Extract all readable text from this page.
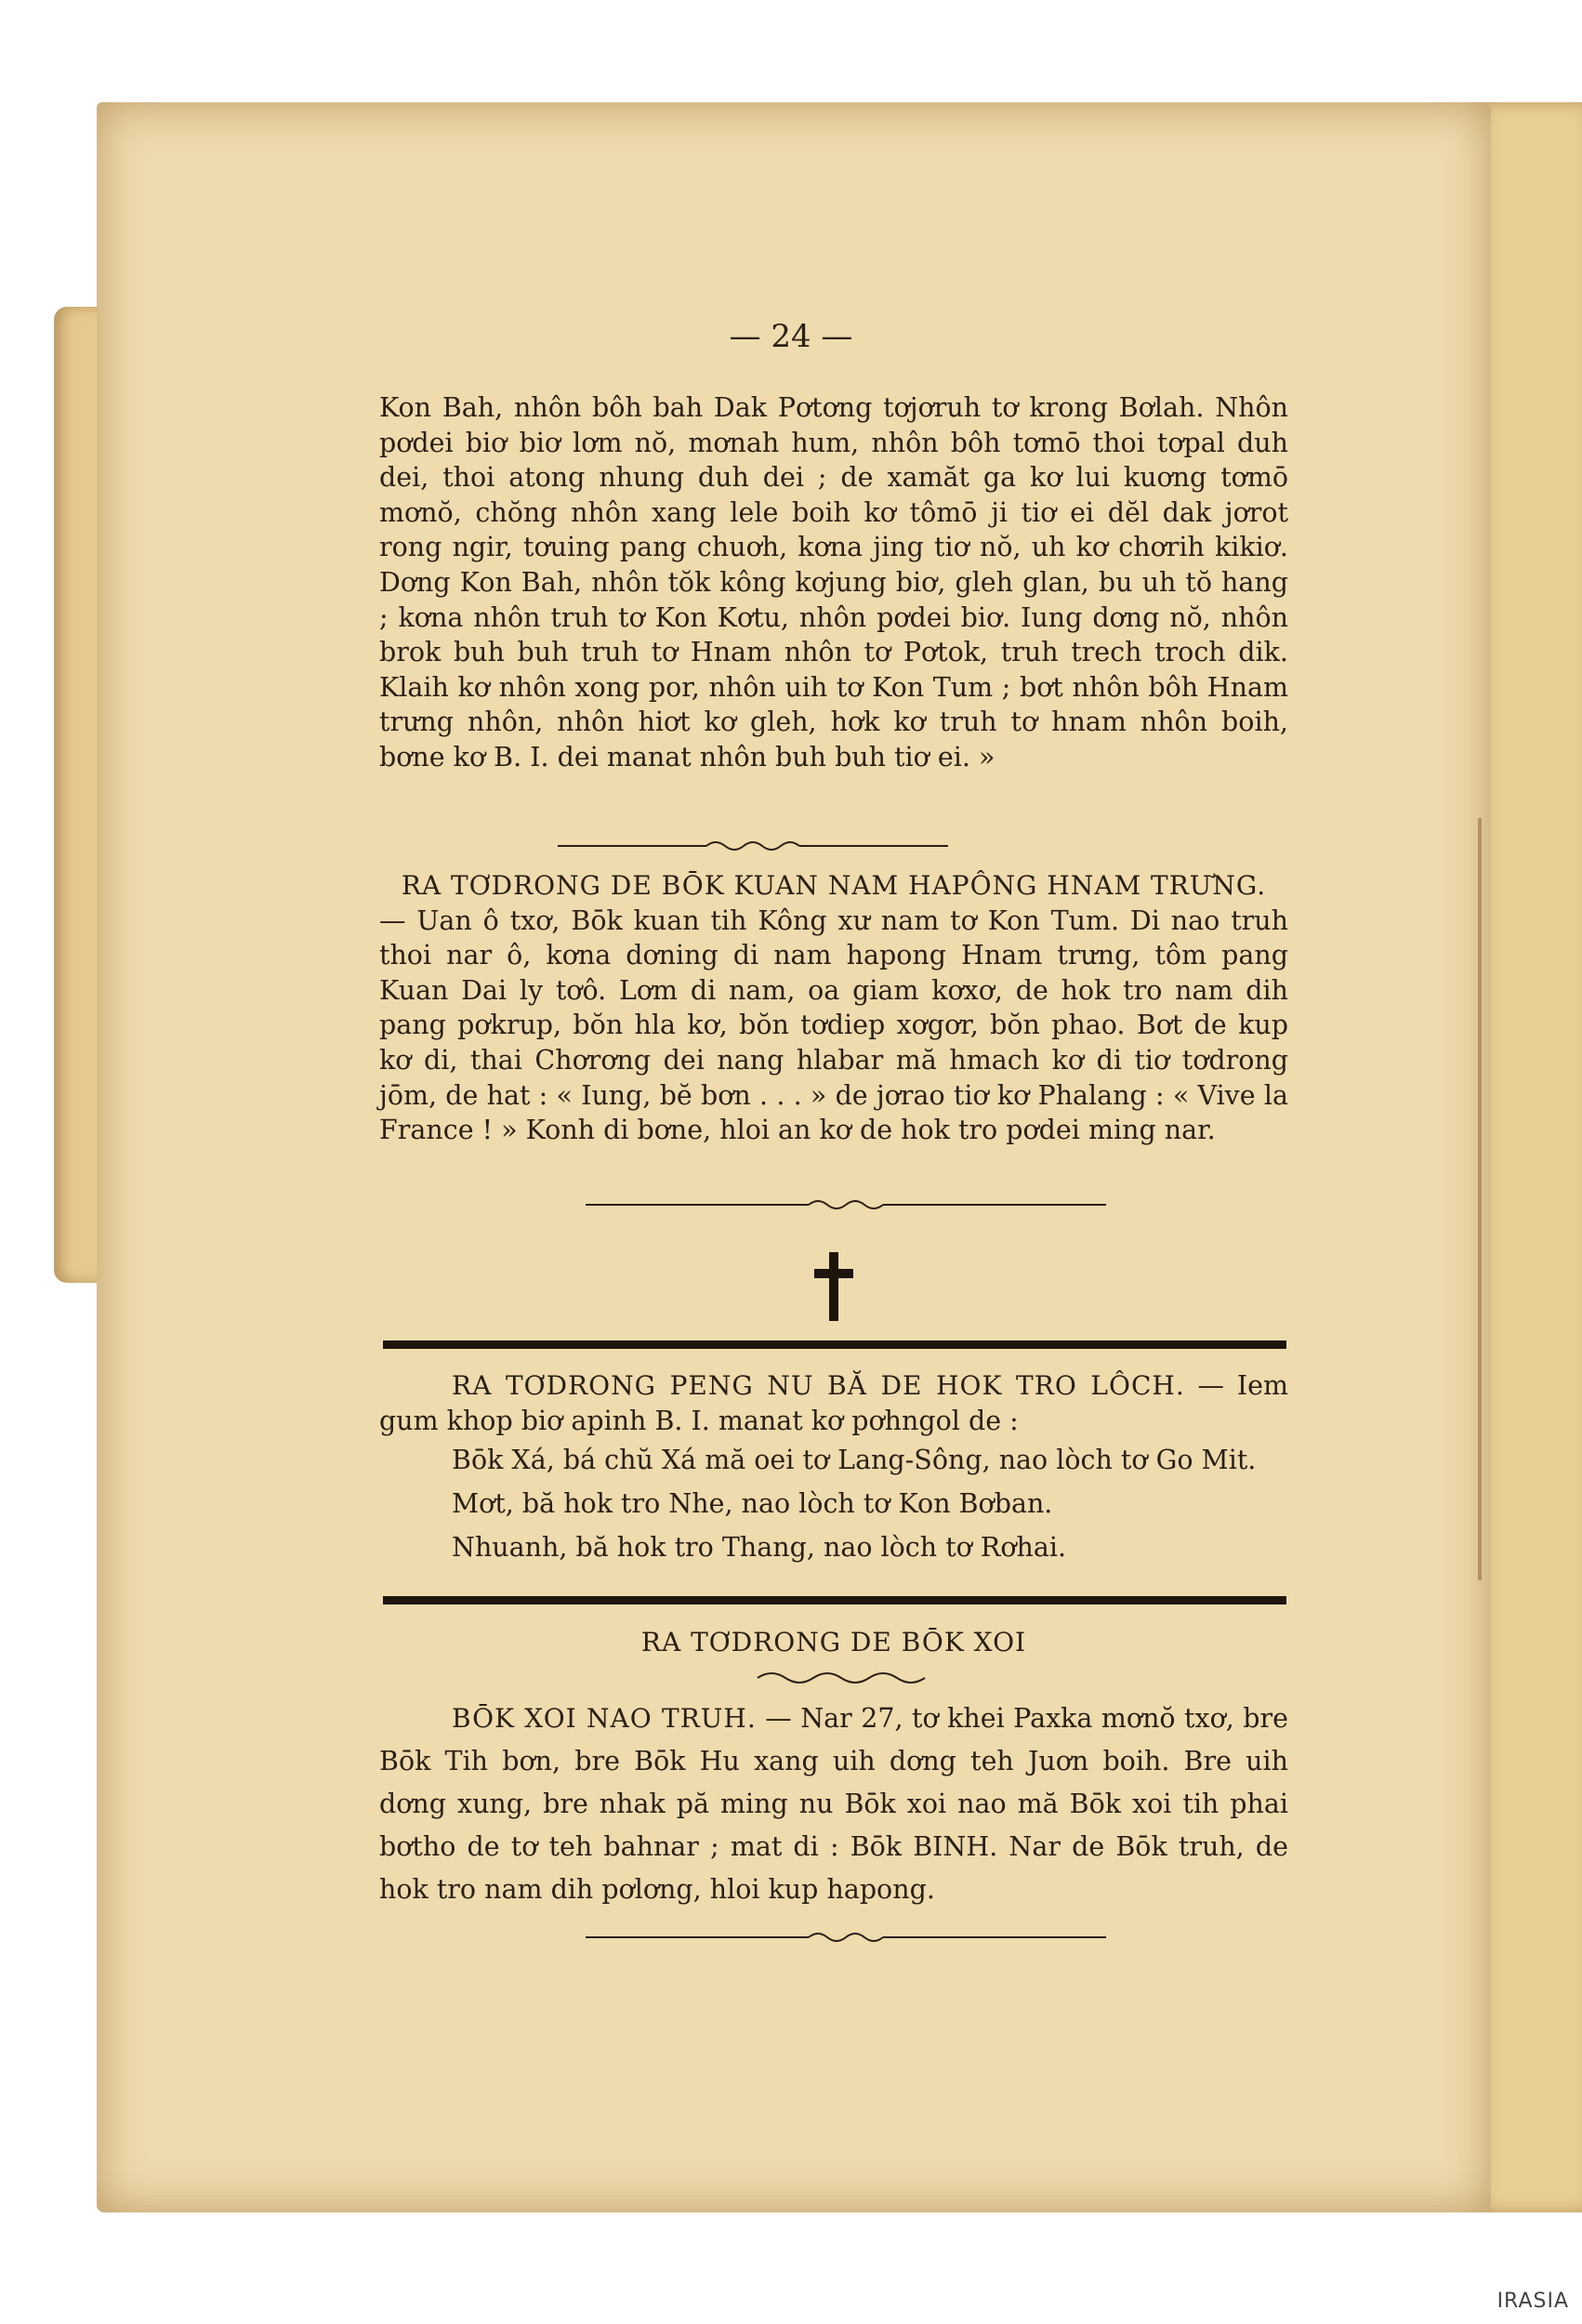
— 24 —

Kon Bah, nhôn bôh bah Dak Pơtơng tơjơruh tơ krong Bơlah. Nhôn pơdei biơ biơ lơm nŏ, mơnah hum, nhôn bôh tơmō thoi tơpal duh dei, thoi atong nhung duh dei ; de xamăt ga kơ lui kuơng tơmō mơnŏ, chŏng nhôn xang lele boih kơ tômō ji tiơ ei dĕl dak jơrot rong ngir, tơuing pang chuơh, kơna jing tiơ nŏ, uh kơ chơrih kikiơ. Dơng Kon Bah, nhôn tŏk kông kơjung biơ, gleh glan, bu uh tŏ hang ; kơna nhôn truh tơ Kon Kơtu, nhôn pơdei biơ. Iung dơng nŏ, nhôn brok buh buh truh tơ Hnam nhôn tơ Pơtok, truh trech troch dik. Klaih kơ nhôn xong por, nhôn uih tơ Kon Tum ; bơt nhôn bôh Hnam trưng nhôn, nhôn hiơt kơ gleh, hơk kơ truh tơ hnam nhôn boih, bơne kơ B. I. dei manat nhôn buh buh tiơ ei. »

RA TƠDRONG DE BŌK KUAN NAM HAPÔNG HNAM TRƯNG.

— Uan ô txơ, Bōk kuan tih Kông xư nam tơ Kon Tum. Di nao truh thoi nar ô, kơna dơning di nam hapong Hnam trưng, tôm pang Kuan Dai ly tơô. Lơm di nam, oa giam kơxơ, de hok tro nam dih pang pơkrup, bŏn hla kơ, bŏn tơdiep xơgơr, bŏn phao. Bơt de kup kơ di, thai Chơrơng dei nang hlabar mă hmach kơ di tiơ tơdrong jōm, de hat : « Iung, bĕ bơn . . . » de jơrao tiơ kơ Phalang : « Vive la France ! » Konh di bơne, hloi an kơ de hok tro pơdei ming nar.

RA TƠDRONG PENG NU BĂ DE HOK TRO LÔCH. — Iem gum khop biơ apinh B. I. manat kơ pơhngol de :

Bōk Xá, bá chŭ Xá mă oei tơ Lang-Sông, nao lòch tơ Go Mit.

Mơt, bă hok tro Nhe, nao lòch tơ Kon Bơban.

Nhuanh, bă hok tro Thang, nao lòch tơ Rơhai.

RA TƠDRONG DE BŌK XOI

BŌK XOI NAO TRUH. — Nar 27, tơ khei Paxka mơnŏ txơ, bre Bōk Tih bơn, bre Bōk Hu xang uih dơng teh Juơn boih. Bre uih dơng xung, bre nhak pă ming nu Bōk xoi nao mă Bōk xoi tih phai bơtho de tơ teh bahnar ; mat di : Bōk BINH. Nar de Bōk truh, de hok tro nam dih pơlơng, hloi kup hapong.

IRASIA
